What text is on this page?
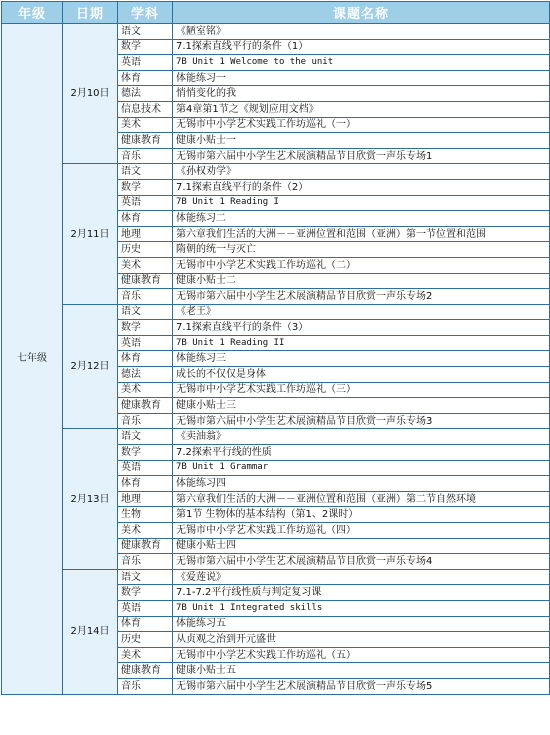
年级	日期	学科	课题名称
七年级	2月10日	语文	《陋室铭》
		数学	7.1探索直线平行的条件（1）
		英语	7B Unit 1 Welcome to the unit
		体育	体能练习一
		德法	悄悄变化的我
		信息技术	第4章第1节之《规划应用文档》
		美术	无锡市中小学艺术实践工作坊巡礼（一）
		健康教育	健康小贴士一
		音乐	无锡市第六届中小学生艺术展演精品节目欣赏一声乐专场1
	2月11日	语文	《孙权劝学》
		数学	7.1探索直线平行的条件（2）
		英语	7B Unit 1 Reading I
		体育	体能练习二
		地理	第六章我们生活的大洲－－亚洲位置和范围（亚洲）第一节位置和范围
		历史	隋朝的统一与灭亡
		美术	无锡市中小学艺术实践工作坊巡礼（二）
		健康教育	健康小贴士二
		音乐	无锡市第六届中小学生艺术展演精品节目欣赏一声乐专场2
	2月12日	语文	《老王》
		数学	7.1探索直线平行的条件（3）
		英语	7B Unit 1 Reading II
		体育	体能练习三
		德法	成长的不仅仅是身体
		美术	无锡市中小学艺术实践工作坊巡礼（三）
		健康教育	健康小贴士三
		音乐	无锡市第六届中小学生艺术展演精品节目欣赏一声乐专场3
	2月13日	语文	《卖油翁》
		数学	7.2探索平行线的性质
		英语	7B Unit 1 Grammar
		体育	体能练习四
		地理	第六章我们生活的大洲－－亚洲位置和范围（亚洲）第二节自然环境
		生物	第1节 生物体的基本结构（第1、2课时）
		美术	无锡市中小学艺术实践工作坊巡礼（四）
		健康教育	健康小贴士四
		音乐	无锡市第六届中小学生艺术展演精品节目欣赏一声乐专场4
	2月14日	语文	《爱莲说》
		数学	7.1-7.2平行线性质与判定复习课
		英语	7B Unit 1 Integrated skills
		体育	体能练习五
		历史	从贞观之治到开元盛世
		美术	无锡市中小学艺术实践工作坊巡礼（五）
		健康教育	健康小贴士五
		音乐	无锡市第六届中小学生艺术展演精品节目欣赏一声乐专场5
